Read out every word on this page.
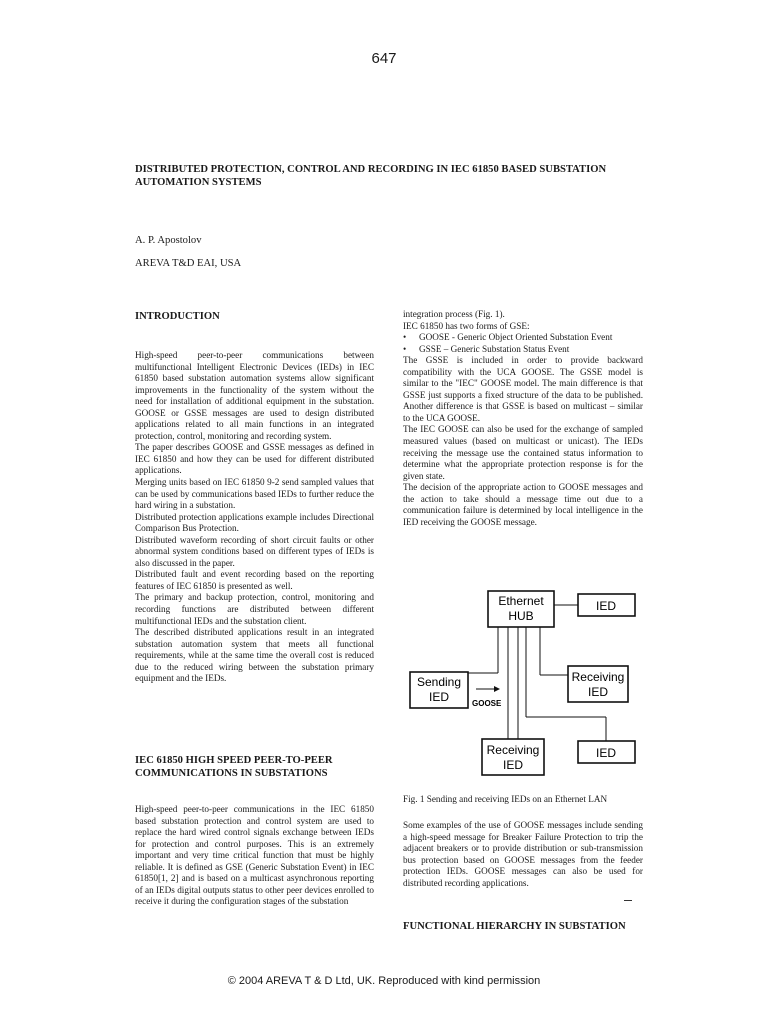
647
DISTRIBUTED PROTECTION, CONTROL AND RECORDING IN IEC 61850 BASED SUBSTATION AUTOMATION SYSTEMS
A. P. Apostolov
AREVA T&D EAI, USA
INTRODUCTION

High-speed peer-to-peer communications between multifunctional Intelligent Electronic Devices (IEDs) in IEC 61850 based substation automation systems allow significant improvements in the functionality of the system without the need for installation of additional equipment in the substation. GOOSE or GSSE messages are used to design distributed applications related to all main functions in an integrated protection, control, monitoring and recording system.

The paper describes GOOSE and GSSE messages as defined in IEC 61850 and how they can be used for different distributed applications.

Merging units based on IEC 61850 9-2 send sampled values that can be used by communications based IEDs to further reduce the hard wiring in a substation.

Distributed protection applications example includes Directional Comparison Bus Protection.

Distributed waveform recording of short circuit faults or other abnormal system conditions based on different types of IEDs is also discussed in the paper.

Distributed fault and event recording based on the reporting features of IEC 61850 is presented as well.

The primary and backup protection, control, monitoring and recording functions are distributed between different multifunctional IEDs and the substation client.

The described distributed applications result in an integrated substation automation system that meets all functional requirements, while at the same time the overall cost is reduced due to the reduced wiring between the substation primary equipment and the IEDs.

IEC 61850 HIGH SPEED PEER-TO-PEER COMMUNICATIONS IN SUBSTATIONS

High-speed peer-to-peer communications in the IEC 61850 based substation protection and control system are used to replace the hard wired control signals exchange between IEDs for protection and control purposes. This is an extremely important and very time critical function that must be highly reliable. It is defined as GSE (Generic Substation Event) in IEC 61850[1, 2] and is based on a multicast asynchronous reporting of an IEDs digital outputs status to other peer devices enrolled to receive it during the configuration stages of the substation

integration process (Fig. 1).

IEC 61850 has two forms of GSE:

•	GOOSE - Generic Object Oriented Substation Event
•	GSSE – Generic Substation Status Event

The GSSE is included in order to provide backward compatibility with the UCA GOOSE. The GSSE model is similar to the "IEC" GOOSE model. The main difference is that GSSE just supports a fixed structure of the data to be published. Another difference is that GSSE is based on multicast – similar to the UCA GOOSE.

The IEC GOOSE can also be used for the exchange of sampled measured values (based on multicast or unicast). The IEDs receiving the message use the contained status information to determine what the appropriate protection response is for the given state.

The decision of the appropriate action to GOOSE messages and the action to take should a message time out due to a communication failure is determined by local intelligence in the IED receiving the GOOSE message.

Ethernet
HUB
IED
Sending
IED	GOOSE
Receiving
IED
Receiving
IED
IED
Fig. 1 Sending and receiving IEDs on an Ethernet LAN

Some examples of the use of GOOSE messages include sending a high-speed message for Breaker Failure Protection to trip the adjacent breakers or to provide distribution or sub-transmission bus protection based on GOOSE messages from the feeder protection IEDs. GOOSE messages can also be used for distributed recording applications.

FUNCTIONAL HIERARCHY IN SUBSTATION
© 2004 AREVA T & D Ltd, UK. Reproduced with kind permission
